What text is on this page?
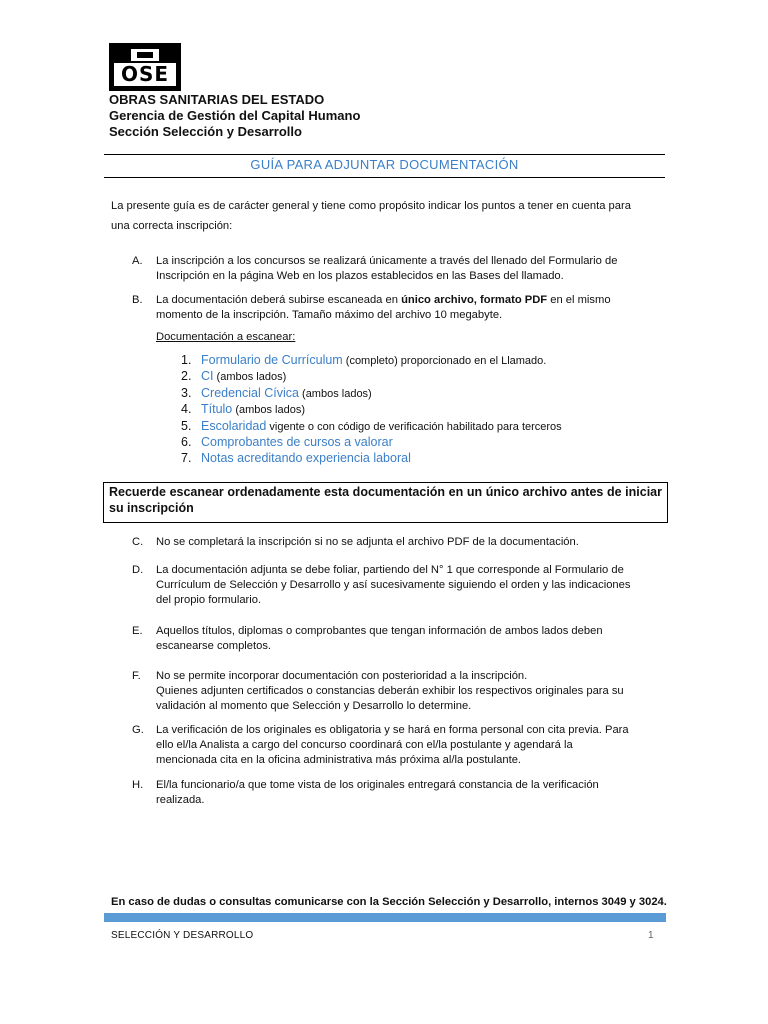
OSE
OBRAS SANITARIAS DEL ESTADO
Gerencia de Gestión del Capital Humano
Sección Selección y Desarrollo
GUÍA PARA ADJUNTAR DOCUMENTACIÓN
La presente guía es de carácter general y tiene como propósito indicar los puntos a tener en cuenta para
una correcta inscripción:
A. La inscripción a los concursos se realizará únicamente a través del llenado del Formulario de
Inscripción en la página Web en los plazos establecidos en las Bases del llamado.
B. La documentación deberá subirse escaneada en único archivo, formato PDF en el mismo
momento de la inscripción. Tamaño máximo del archivo 10 megabyte.
Documentación a escanear:
1. Formulario de Currículum (completo) proporcionado en el Llamado.
2. CI (ambos lados)
3. Credencial Cívica (ambos lados)
4. Título (ambos lados)
5. Escolaridad vigente o con código de verificación habilitado para terceros
6. Comprobantes de cursos a valorar
7. Notas acreditando experiencia laboral
Recuerde escanear ordenadamente esta documentación en un único archivo antes de iniciar su inscripción
C. No se completará la inscripción si no se adjunta el archivo PDF de la documentación.
D. La documentación adjunta se debe foliar, partiendo del N° 1 que corresponde al Formulario de
Currículum de Selección y Desarrollo y así sucesivamente siguiendo el orden y las indicaciones
del propio formulario.
E. Aquellos títulos, diplomas o comprobantes que tengan información de ambos lados deben
escanearse completos.
F. No se permite incorporar documentación con posterioridad a la inscripción.
Quienes adjunten certificados o constancias deberán exhibir los respectivos originales para su
validación al momento que Selección y Desarrollo lo determine.
G. La verificación de los originales es obligatoria y se hará en forma personal con cita previa. Para
ello el/la Analista a cargo del concurso coordinará con el/la postulante y agendará la
mencionada cita en la oficina administrativa más próxima al/la postulante.
H. El/la funcionario/a que tome vista de los originales entregará constancia de la verificación
realizada.
En caso de dudas o consultas comunicarse con la Sección Selección y Desarrollo, internos 3049 y 3024.
SELECCIÓN Y DESARROLLO	1
